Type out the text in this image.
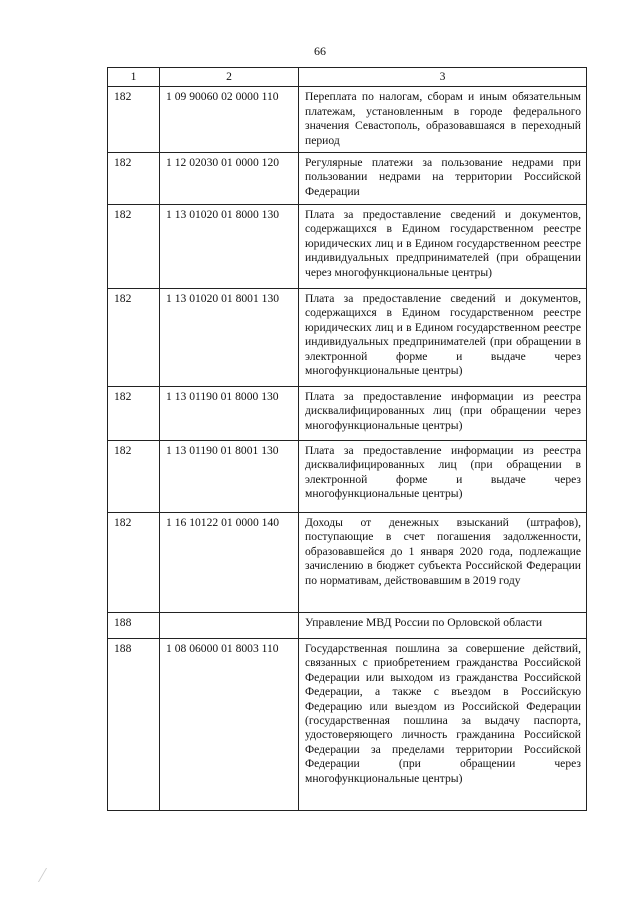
66
1	2	3
182	1 09 90060 02 0000 110	Переплата по налогам, сборам и иным обязательным платежам, установленным в городе федерального значения Севастополь, образовавшаяся в переходный период
182	1 12 02030 01 0000 120	Регулярные платежи за пользование недрами при пользовании недрами на территории Российской Федерации
182	1 13 01020 01 8000 130	Плата за предоставление сведений и документов, содержащихся в Едином государственном реестре юридических лиц и в Едином государственном реестре индивидуальных предпринимателей (при обращении через многофункциональные центры)
182	1 13 01020 01 8001 130	Плата за предоставление сведений и документов, содержащихся в Едином государственном реестре юридических лиц и в Едином государственном реестре индивидуальных предпринимателей (при обращении в электронной форме и выдаче через многофункциональные центры)
182	1 13 01190 01 8000 130	Плата за предоставление информации из реестра дисквалифицированных лиц (при обращении через многофункциональные центры)
182	1 13 01190 01 8001 130	Плата за предоставление информации из реестра дисквалифицированных лиц (при обращении в электронной форме и выдаче через многофункциональные центры)
182	1 16 10122 01 0000 140	Доходы от денежных взысканий (штрафов), поступающие в счет погашения задолженности, образовавшейся до 1 января 2020 года, подлежащие зачислению в бюджет субъекта Российской Федерации по нормативам, действовавшим в 2019 году
188		Управление МВД России по Орловской области
188	1 08 06000 01 8003 110	Государственная пошлина за совершение действий, связанных с приобретением гражданства Российской Федерации или выходом из гражданства Российской Федерации, а также с въездом в Российскую Федерацию или выездом из Российской Федерации (государственная пошлина за выдачу паспорта, удостоверяющего личность гражданина Российской Федерации за пределами территории Российской Федерации (при обращении через многофункциональные центры)
